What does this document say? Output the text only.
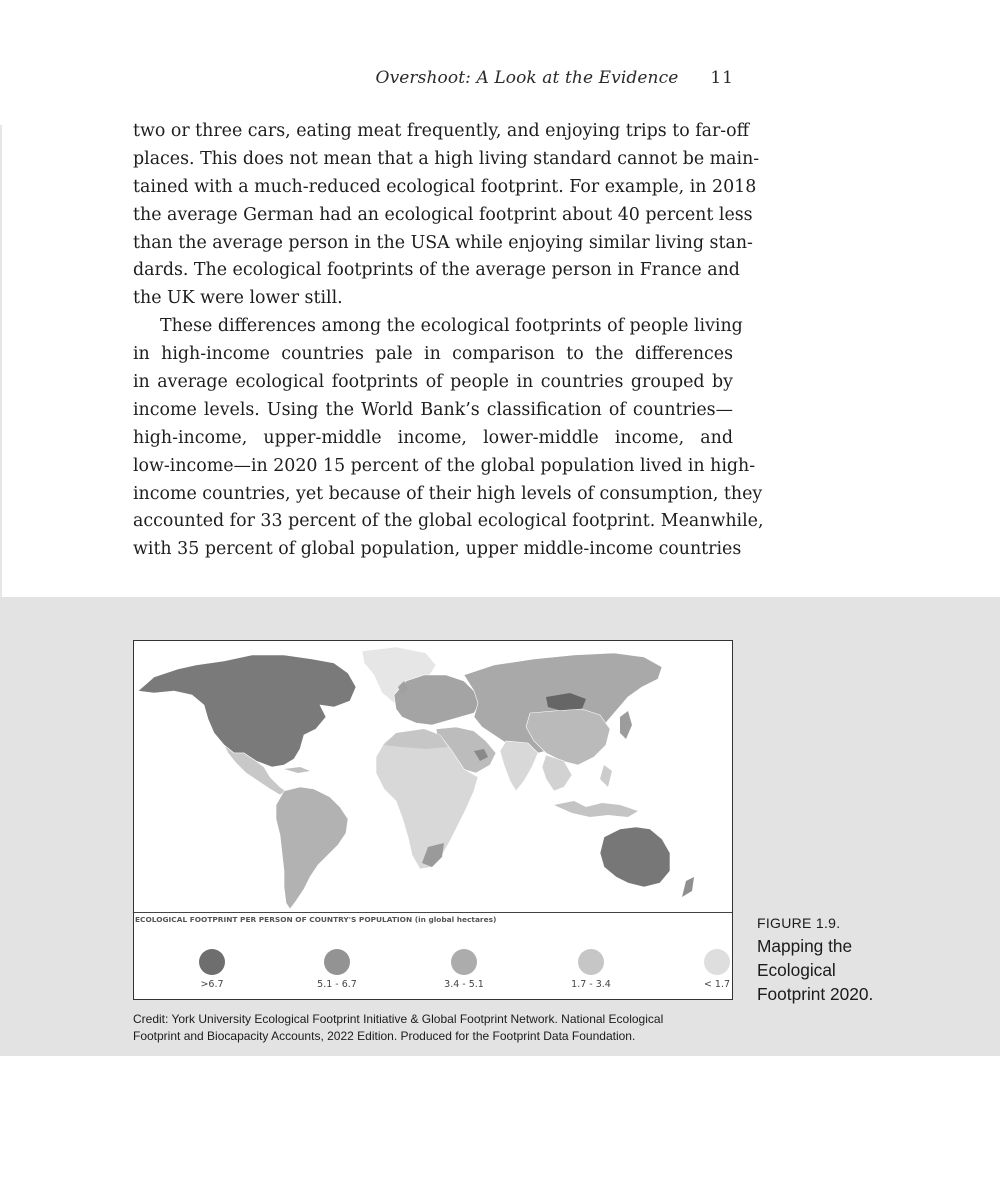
Overshoot: A Look at the Evidence 11
two or three cars, eating meat frequently, and enjoying trips to far-off
places. This does not mean that a high living standard cannot be main-
tained with a much-reduced ecological footprint. For example, in 2018
the average German had an ecological footprint about 40 percent less
than the average person in the USA while enjoying similar living stan-
dards. The ecological footprints of the average person in France and
the UK were lower still.
These differences among the ecological footprints of people living
in high-income countries pale in comparison to the differences
in average ecological footprints of people in countries grouped by
income levels. Using the World Bank’s classification of countries—
high-income, upper-middle income, lower-middle income, and
low-income—in 2020 15 percent of the global population lived in high-
income countries, yet because of their high levels of consumption, they
accounted for 33 percent of the global ecological footprint. Meanwhile,
with 35 percent of global population, upper middle-income countries
ECOLOGICAL FOOTPRINT PER PERSON OF COUNTRY'S POPULATION (in global hectares)
>6.7	5.1 - 6.7	3.4 - 5.1	1.7 - 3.4	< 1.7
FIGURE 1.9.
Mapping the
Ecological
Footprint 2020.
Credit: York University Ecological Footprint Initiative & Global Footprint Network. National Ecological
Footprint and Biocapacity Accounts, 2022 Edition. Produced for the Footprint Data Foundation.
